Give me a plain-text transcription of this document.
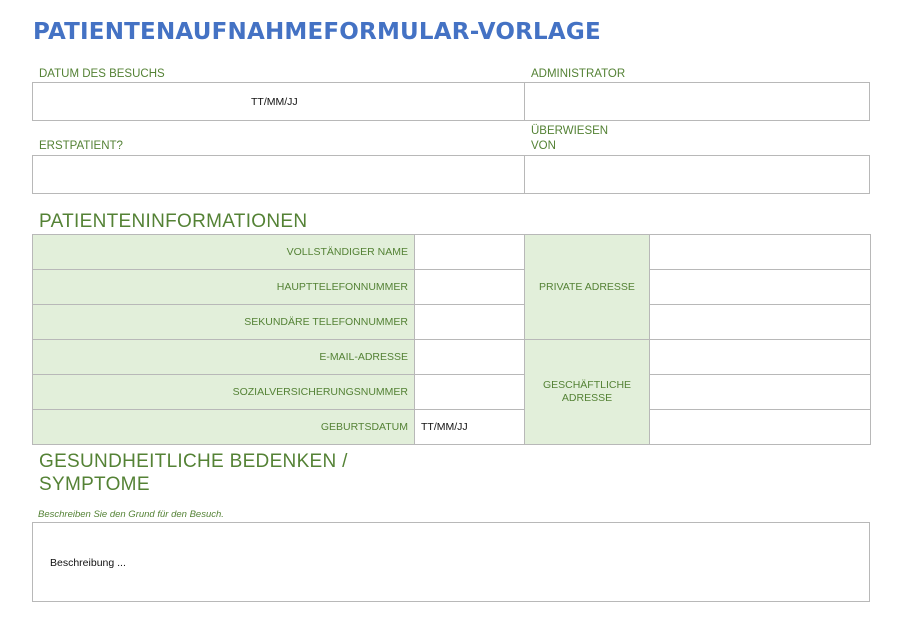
PATIENTENAUFNAHMEFORMULAR-VORLAGE
DATUM DES BESUCHS	ADMINISTRATOR
TT/MM/JJ
ERSTPATIENT?
ÜBERWIESEN
VON
PATIENTENINFORMATIONEN
VOLLSTÄNDIGER NAME		PRIVATE ADRESSE	
HAUPTTELEFONNUMMER			
SEKUNDÄRE TELEFONNUMMER			
E-MAIL-ADRESSE		GESCHÄFTLICHE
ADRESSE	
SOZIALVERSICHERUNGSNUMMER			
GEBURTSDATUM	TT/MM/JJ		
GESUNDHEITLICHE BEDENKEN /
SYMPTOME
Beschreiben Sie den Grund für den Besuch.
Beschreibung ...
